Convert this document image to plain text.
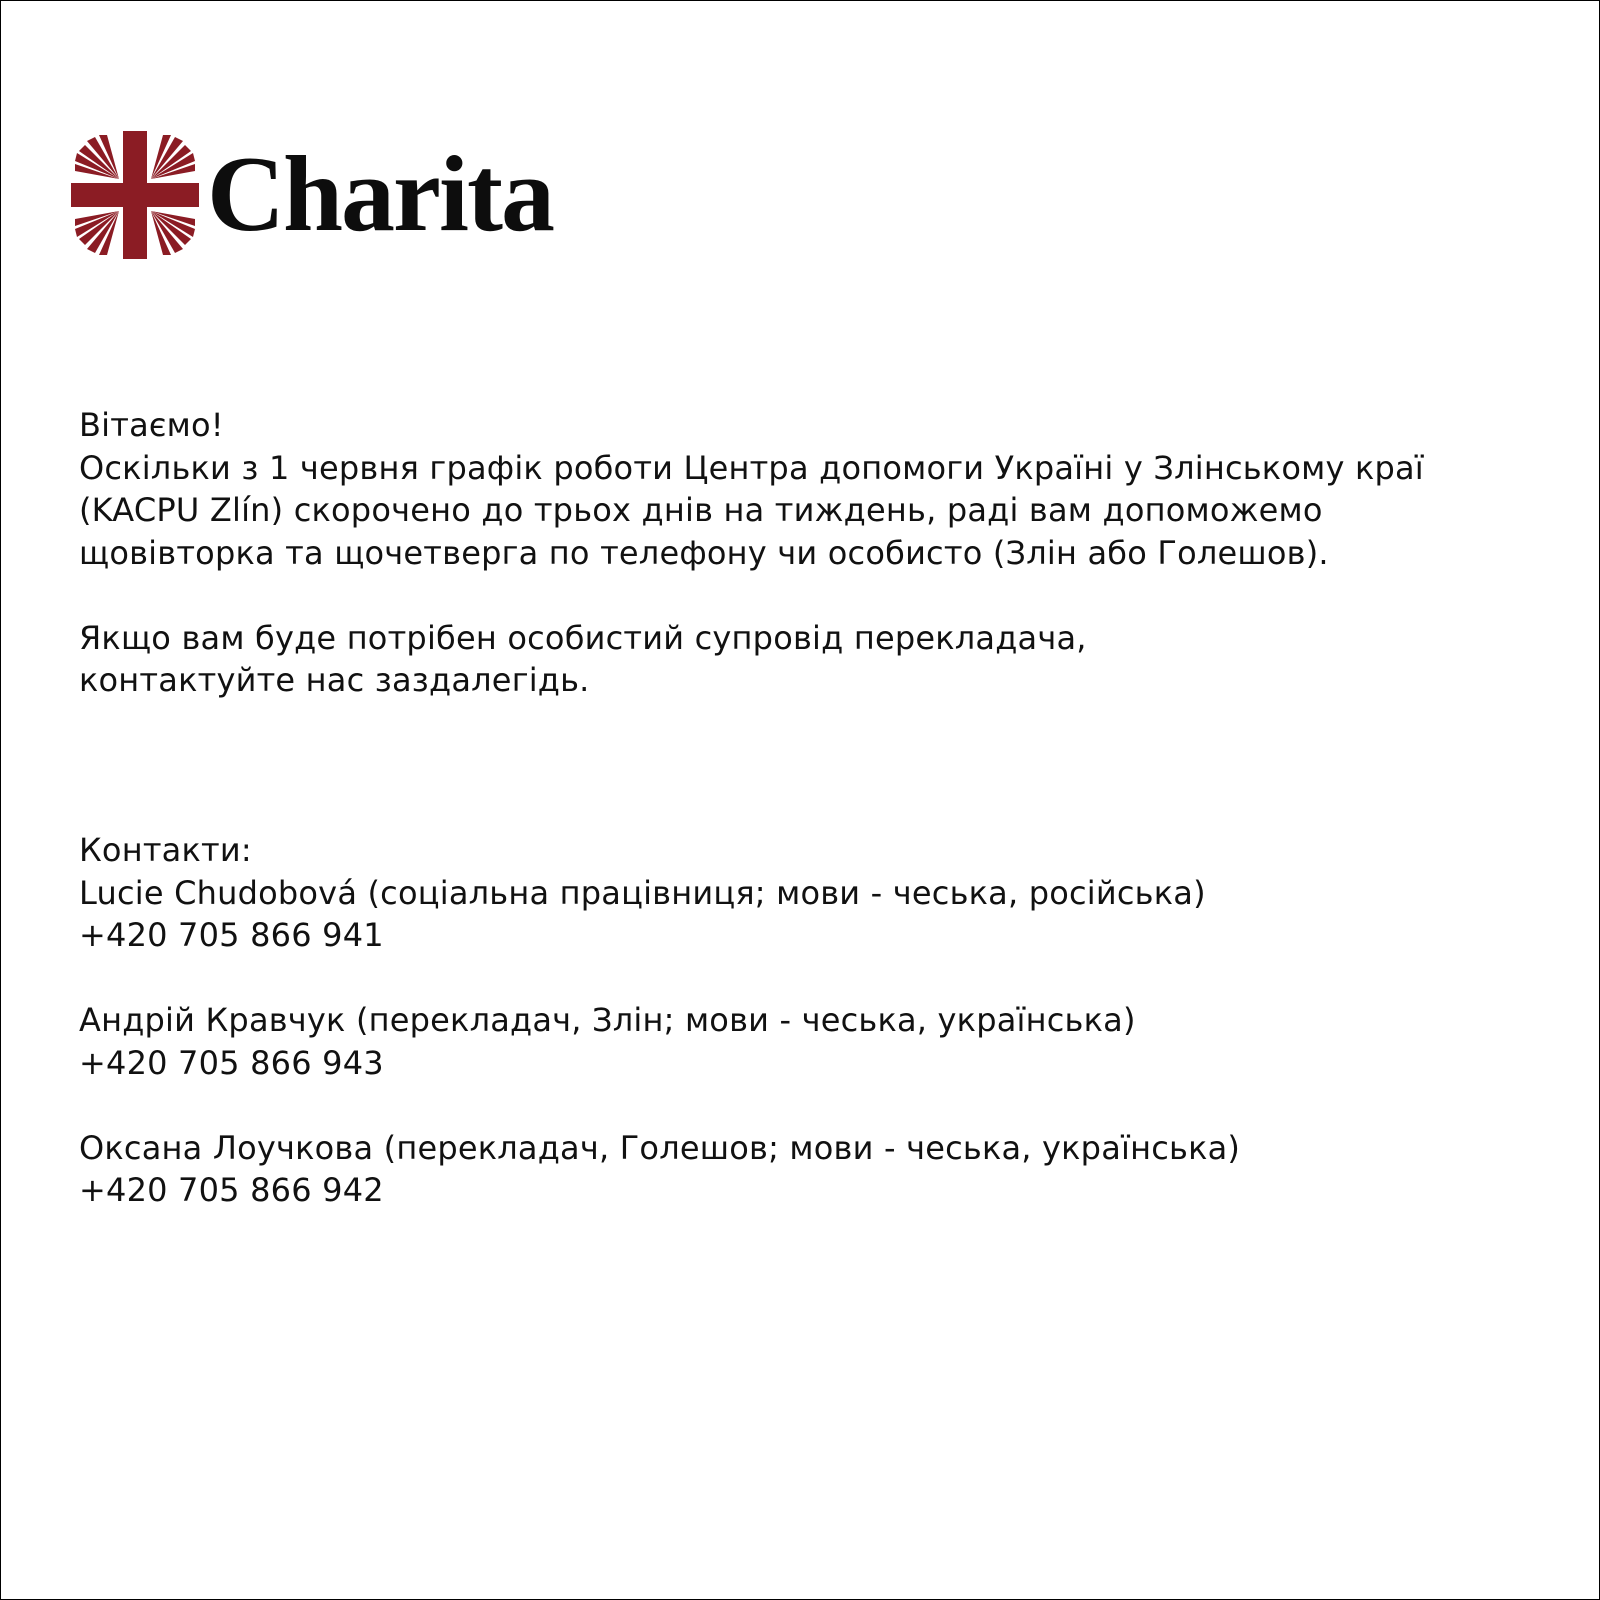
Charita
Вітаємо!
Оскільки з 1 червня графік роботи Центра допомоги Україні у Злінському краї
(KACPU Zlín) скорочено до трьох днів на тиждень, раді вам допоможемо
щовівторка та щочетверга по телефону чи особисто (Злін або Голешов).
Якщо вам буде потрібен особистий супровід перекладача,
контактуйте нас заздалегідь.
Контакти:
Lucie Chudobová (соціальна працівниця; мови - чеська, російська)
+420 705 866 941
Андрій Кравчук (перекладач, Злін; мови - чеська, українська)
+420 705 866 943
Оксана Лоучкова (перекладач, Голешов; мови - чеська, українська)
+420 705 866 942
